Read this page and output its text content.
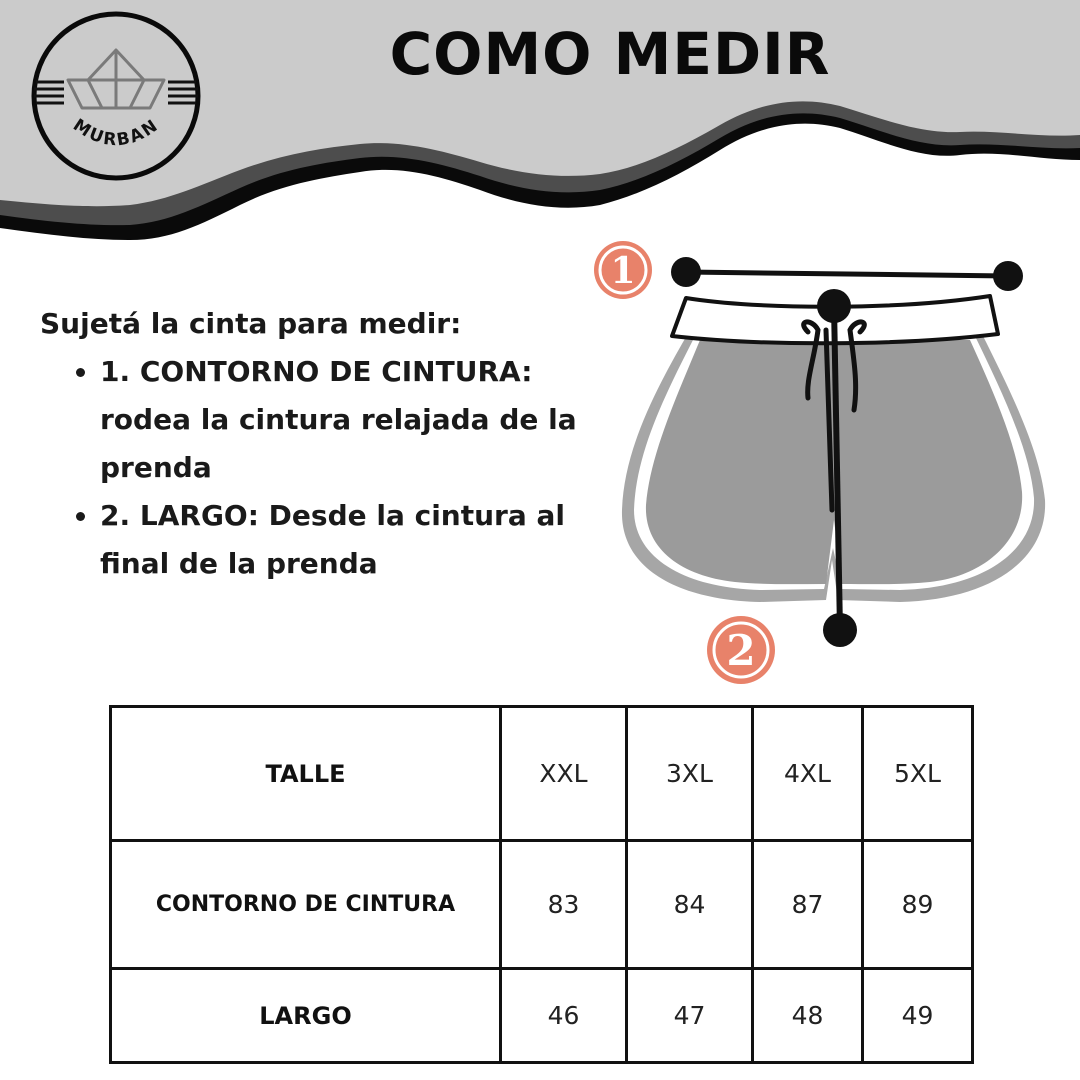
MURBAN
COMO MEDIR

Sujetá la cinta para medir:

• 1. CONTORNO DE CINTURA: rodea la cintura relajada de la prenda
• 2. LARGO: Desde la cintura al final de la prenda
1
2
TALLE	XXL	3XL	4XL	5XL
CONTORNO DE CINTURA	83	84	87	89
LARGO	46	47	48	49
